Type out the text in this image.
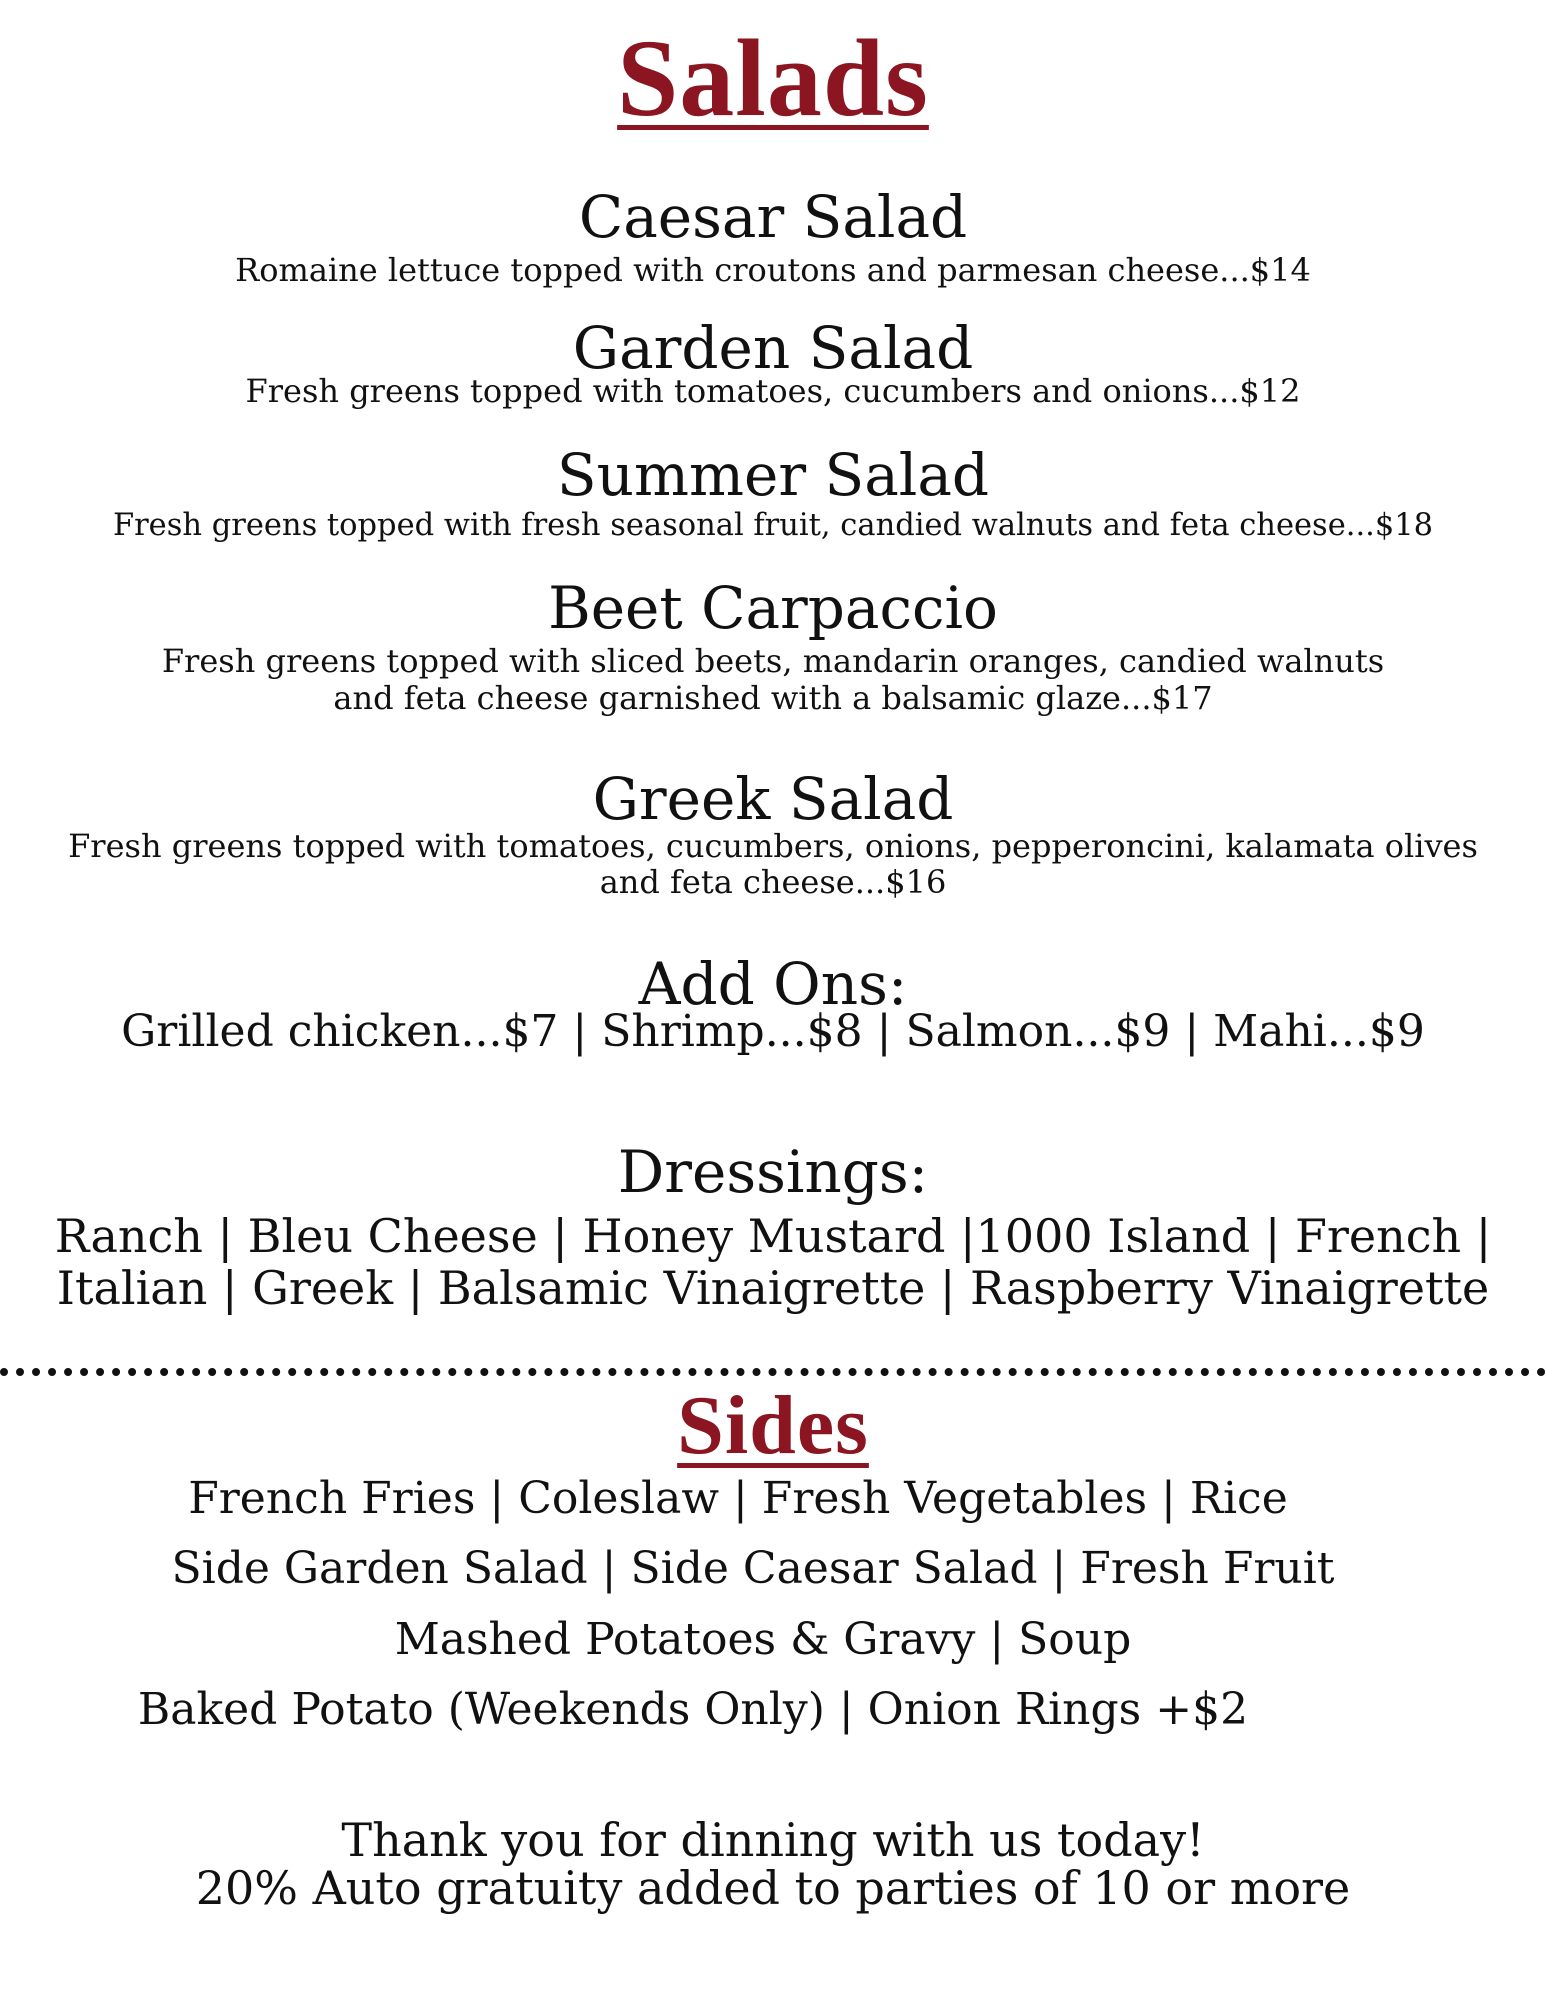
Salads
Caesar Salad
Romaine lettuce topped with croutons and parmesan cheese...$14
Garden Salad
Fresh greens topped with tomatoes, cucumbers and onions...$12
Summer Salad
Fresh greens topped with fresh seasonal fruit, candied walnuts and feta cheese...$18
Beet Carpaccio
Fresh greens topped with sliced beets, mandarin oranges, candied walnuts
and feta cheese garnished with a balsamic glaze...$17
Greek Salad
Fresh greens topped with tomatoes, cucumbers, onions, pepperoncini, kalamata olives
and feta cheese...$16
Add Ons:
Grilled chicken...$7 | Shrimp...$8 | Salmon...$9 | Mahi...$9
Dressings:
Ranch | Bleu Cheese | Honey Mustard |1000 Island | French |
Italian | Greek | Balsamic Vinaigrette | Raspberry Vinaigrette
Sides
French Fries | Coleslaw | Fresh Vegetables | Rice
Side Garden Salad | Side Caesar Salad | Fresh Fruit
Mashed Potatoes & Gravy | Soup
Baked Potato (Weekends Only) | Onion Rings +$2
Thank you for dinning with us today!
20% Auto gratuity added to parties of 10 or more
